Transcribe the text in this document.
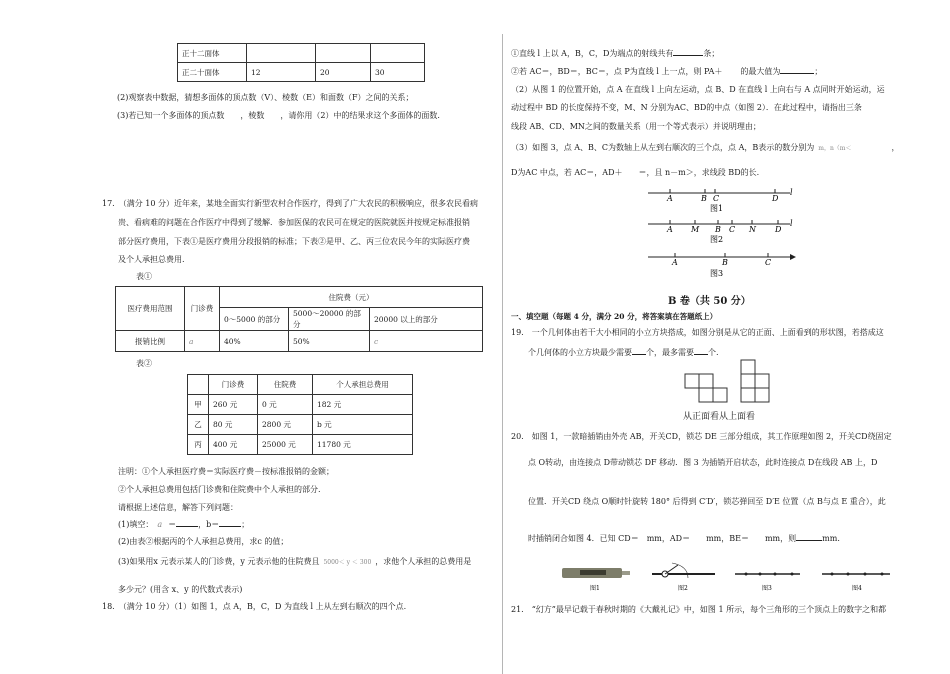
正十二面体			
正二十面体	12	20	30
(2)观察表中数据，猜想多面体的顶点数（V）、棱数（E）和面数（F）之间的关系；
(3)若已知一个多面体的顶点数 ，棱数 ，请你用（2）中的结果求这个多面体的面数.
17.　（满分 10 分）近年来，某地全面实行新型农村合作医疗，得到了广大农民的积极响应，很多农民看病
贵、看病难的问题在合作医疗中得到了缓解．参加医保的农民可在规定的医院就医并按规定标准报销
部分医疗费用，下表①是医疗费用分段报销的标准；下表②是甲、乙、丙三位农民今年的实际医疗费
及个人承担总费用.
表①
医疗费用范围	门诊费	住院费（元）		
		0～5000 的部分	5000～20000 的部分	20000 以上的部分
报销比例	a	40%	50%	c
表②
	门诊费	住院费	个人承担总费用
甲	260 元	0 元	182 元
乙	80 元	2800 元	b 元
丙	400 元	25000 元	11780 元
注明：①个人承担医疗费＝实际医疗费－按标准报销的金额；
②个人承担总费用包括门诊费和住院费中个人承担的部分.
请根据上述信息，解答下列问题：
(1)填空： a ＝	，b＝	；
(2)由表②根据丙的个人承担总费用，求c 的值；
(3)如果用x 元表示某人的门诊费，y 元表示他的住院费且 5000＜ y ＜ 300 ，求他个人承担的总费用是
多少元？(用含 x、y 的代数式表示)
18.　（满分 10 分）（1）如图 1，点 A，B，C，D 为直线 l 上从左到右顺次的四个点.
①直线 l 上以 A，B，C，D为端点的射线共有	条；
②若 AC＝，BD＝，BC＝，点 P为直线 l 上一点，则 PA＋ 的最大值为	；
（2）从图 1 的位置开始，点 A 在直线 l 上向左运动，点 B、D 在直线 l 上向右与 A 点同时开始运动，运
动过程中 BD 的长度保持不变，M、N 分别为AC、BD的中点（如图 2）．在此过程中，请指出三条
线段 AB、CD、MN之间的数量关系（用一个等式表示）并说明理由；
（3）如图 3，点 A、B、C为数轴上从左到右顺次的三个点，点 A，B表示的数分别为 m，n（m＜	，
D为AC 中点，若 AC＝，AD＋　　＝，且 n－m＞，求线段 BD的长.
A	B C	D
l
图1
A M B C N D
l
图2
A	B	C
图3
B 卷（共 50 分）
一、填空题（每题 4 分，满分 20 分，将答案填在答题纸上）
19.　一个几何体由若干大小相同的小立方块搭成，如图分别是从它的正面、上面看到的形状图，若搭成这
个几何体的小立方块最少需要 个，最多需要 个.
从正面看从上面看
20.　如图 1，一款暗插销由外壳 AB，开关CD，锁芯 DE 三部分组成，其工作原理如图 2，开关CD绕固定
点 O转动，由连接点 D带动锁芯 DF 移动．图 3 为插销开启状态，此时连接点 D在线段 AB 上，D
位置．开关CD 绕点 O顺时针旋转 180° 后得到 C′D′，锁芯弹回至 D′E 位置（点 B与点 E 重合），此
时插销闭合如图 4．已知 CD＝　mm，AD＝　　mm，BE＝　　mm，则	mm.
图1	图2	图3	图4
21.　“幻方”最早记载于春秋时期的《大戴礼记》中，如图 1 所示，每个三角形的三个顶点上的数字之和都
